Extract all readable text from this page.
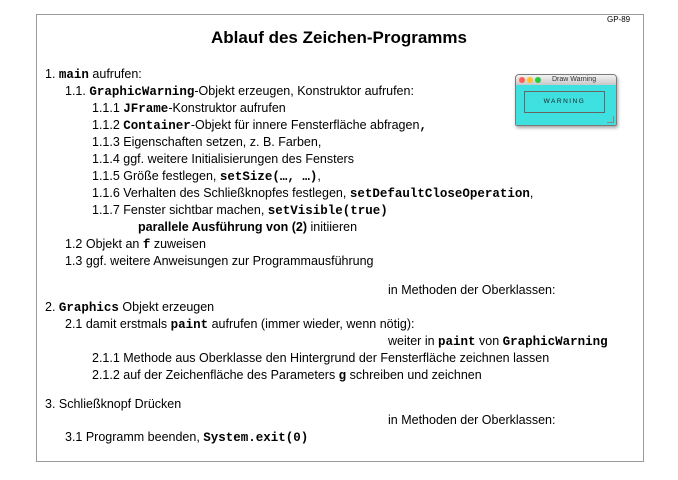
GP-89
Ablauf des Zeichen-Programms
Draw Warning
WARNING
1. main aufrufen:
1.1. GraphicWarning-Objekt erzeugen, Konstruktor aufrufen:
1.1.1 JFrame-Konstruktor aufrufen
1.1.2 Container-Objekt für innere Fensterfläche abfragen,
1.1.3 Eigenschaften setzen, z. B. Farben,
1.1.4 ggf. weitere Initialisierungen des Fensters
1.1.5 Größe festlegen, setSize(…, …),
1.1.6 Verhalten des Schließknopfes festlegen, setDefaultCloseOperation,
1.1.7 Fenster sichtbar machen, setVisible(true)
parallele Ausführung von (2) initiieren
1.2 Objekt an f zuweisen
1.3 ggf. weitere Anweisungen zur Programmausführung
in Methoden der Oberklassen:
2. Graphics Objekt erzeugen
2.1 damit erstmals paint aufrufen (immer wieder, wenn nötig):
weiter in paint von GraphicWarning
2.1.1 Methode aus Oberklasse den Hintergrund der Fensterfläche zeichnen lassen
2.1.2 auf der Zeichenfläche des Parameters g schreiben und zeichnen
3. Schließknopf Drücken
in Methoden der Oberklassen:
3.1 Programm beenden, System.exit(0)
